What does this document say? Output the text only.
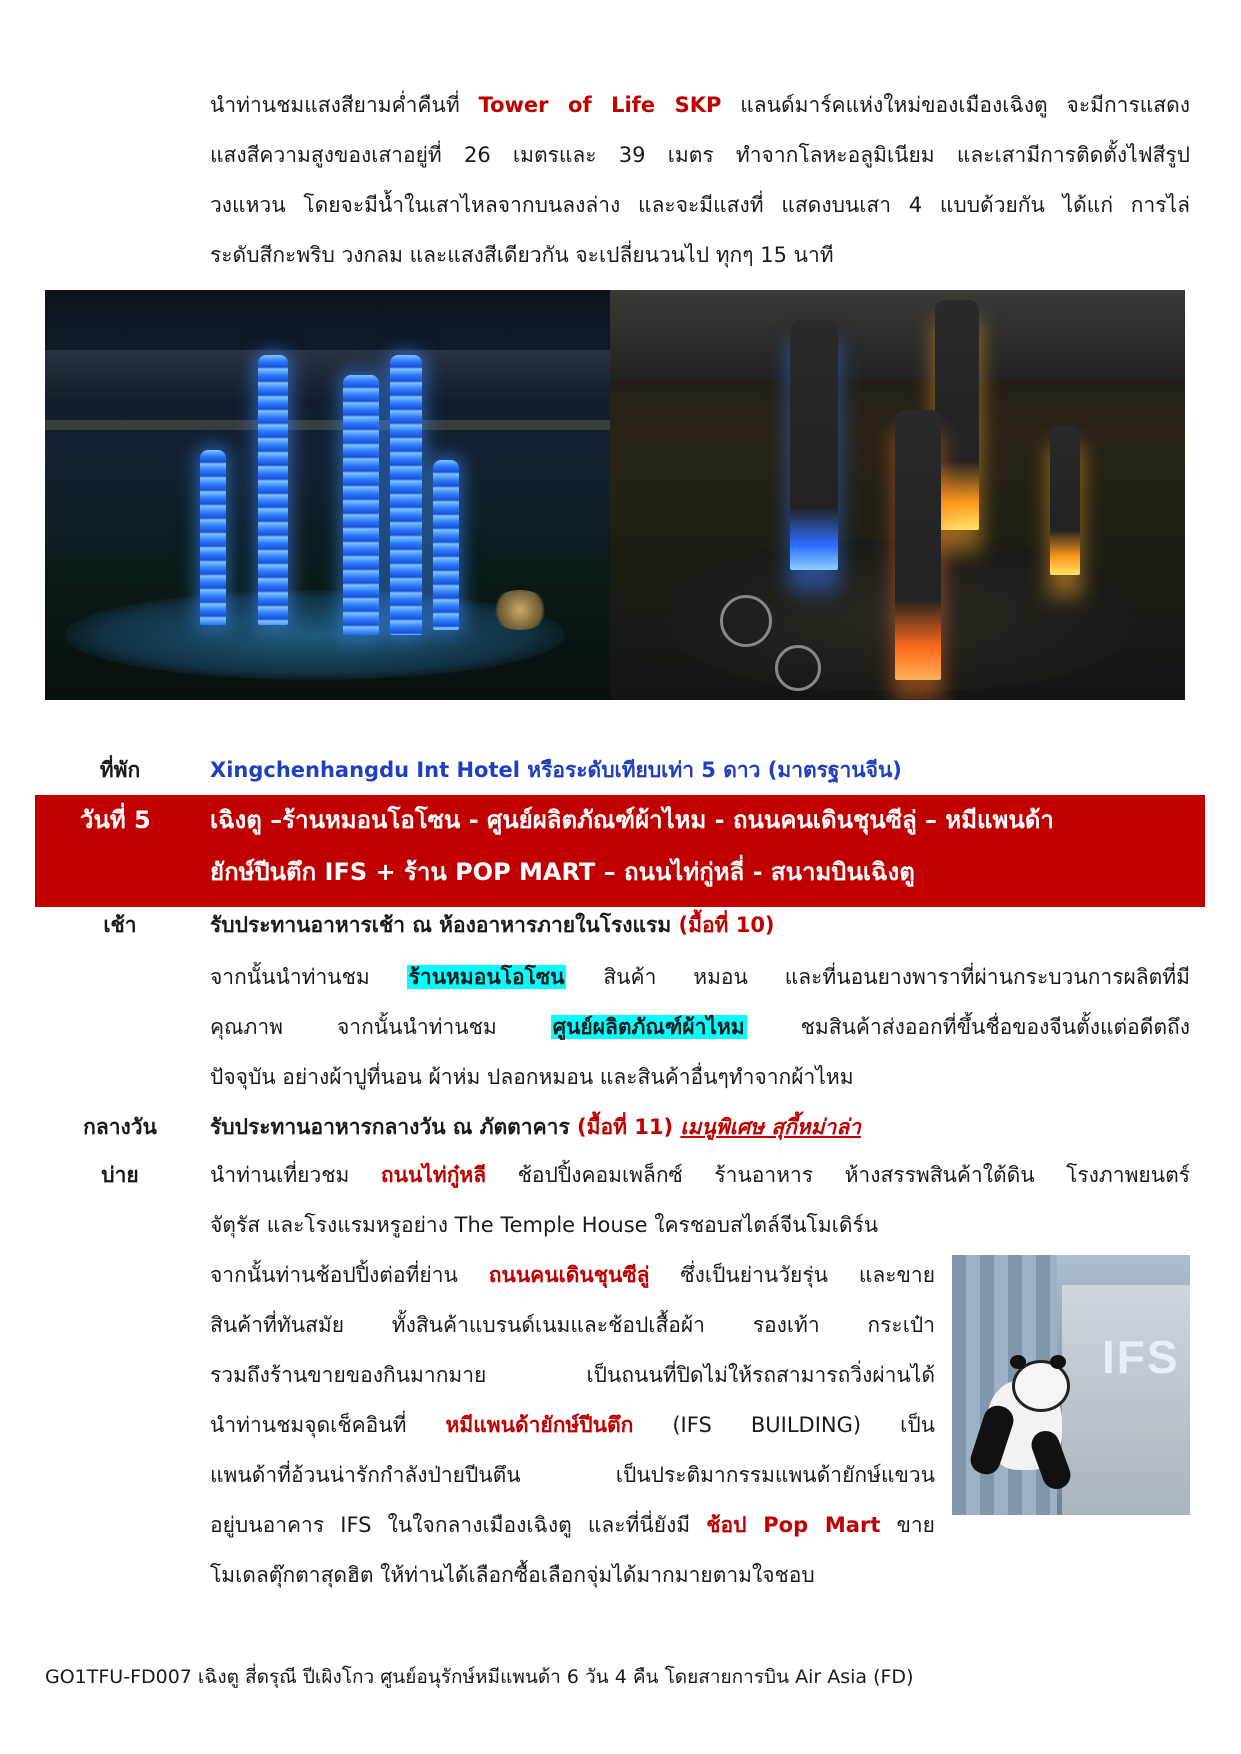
นำท่านชมแสงสียามค่ำคืนที่ Tower of Life SKP แลนด์มาร์คแห่งใหม่ของเมืองเฉิงตู จะมีการแสดง
แสงสีความสูงของเสาอยู่ที่ 26 เมตรและ 39 เมตร ทำจากโลหะอลูมิเนียม และเสามีการติดตั้งไฟสีรูป
วงแหวน โดยจะมีน้ำในเสาไหลจากบนลงล่าง และจะมีแสงที่ แสดงบนเสา 4 แบบด้วยกัน ได้แก่ การไล่
ระดับสีกะพริบ วงกลม และแสงสีเดียวกัน จะเปลี่ยนวนไป ทุกๆ 15 นาที
ที่พัก	Xingchenhangdu Int Hotel หรือระดับเทียบเท่า 5 ดาว (มาตรฐานจีน)
วันที่ 5 เฉิงตู –ร้านหมอนโอโซน - ศูนย์ผลิตภัณฑ์ผ้าไหม - ถนนคนเดินชุนซีลู่ – หมีแพนด้า
ยักษ์ปีนตึก IFS + ร้าน POP MART – ถนนไท่กู่หลี่ - สนามบินเฉิงตู
เช้า	รับประทานอาหารเช้า ณ ห้องอาหารภายในโรงแรม (มื้อที่ 10)
จากนั้นนำท่านชม ร้านหมอนโอโซน สินค้า หมอน และที่นอนยางพาราที่ผ่านกระบวนการผลิตที่มี
คุณภาพ จากนั้นนำท่านชม ศูนย์ผลิตภัณฑ์ผ้าไหม ชมสินค้าส่งออกที่ขึ้นชื่อของจีนตั้งแต่อดีตถึง
ปัจจุบัน อย่างผ้าปูที่นอน ผ้าห่ม ปลอกหมอน และสินค้าอื่นๆทำจากผ้าไหม
กลางวัน	รับประทานอาหารกลางวัน ณ ภัตตาคาร (มื้อที่ 11) เมนูพิเศษ สุกี้หม่าล่า
บ่าย	นำท่านเที่ยวชม ถนนไท่กู๋หลี ช้อปปิ้งคอมเพล็กซ์ ร้านอาหาร ห้างสรรพสินค้าใต้ดิน โรงภาพยนตร์
จัตุรัส และโรงแรมหรูอย่าง The Temple House ใครชอบสไตล์จีนโมเดิร์น
จากนั้นท่านช้อปปิ้งต่อที่ย่าน ถนนคนเดินชุนซีลู่ ซึ่งเป็นย่านวัยรุ่น และขาย
สินค้าที่ทันสมัย ทั้งสินค้าแบรนด์เนมและช้อปเสื้อผ้า รองเท้า กระเป๋า
รวมถึงร้านขายของกินมากมาย เป็นถนนที่ปิดไม่ให้รถสามารถวิ่งผ่านได้
นำท่านชมจุดเช็คอินที่ หมีแพนด้ายักษ์ปีนตึก (IFS BUILDING) เป็น
แพนด้าที่อ้วนน่ารักกำลังป่ายปีนตึน เป็นประติมากรรมแพนด้ายักษ์แขวน
อยู่บนอาคาร IFS ในใจกลางเมืองเฉิงตู และที่นี่ยังมี ช้อป Pop Mart ขาย
โมเดลตุ๊กตาสุดฮิต ให้ท่านได้เลือกซื้อเลือกจุ่มได้มากมายตามใจชอบ
IFS
GO1TFU-FD007 เฉิงตู สี่ดรุณี ปีเผิงโกว ศูนย์อนุรักษ์หมีแพนด้า 6 วัน 4 คืน โดยสายการบิน Air Asia (FD)
